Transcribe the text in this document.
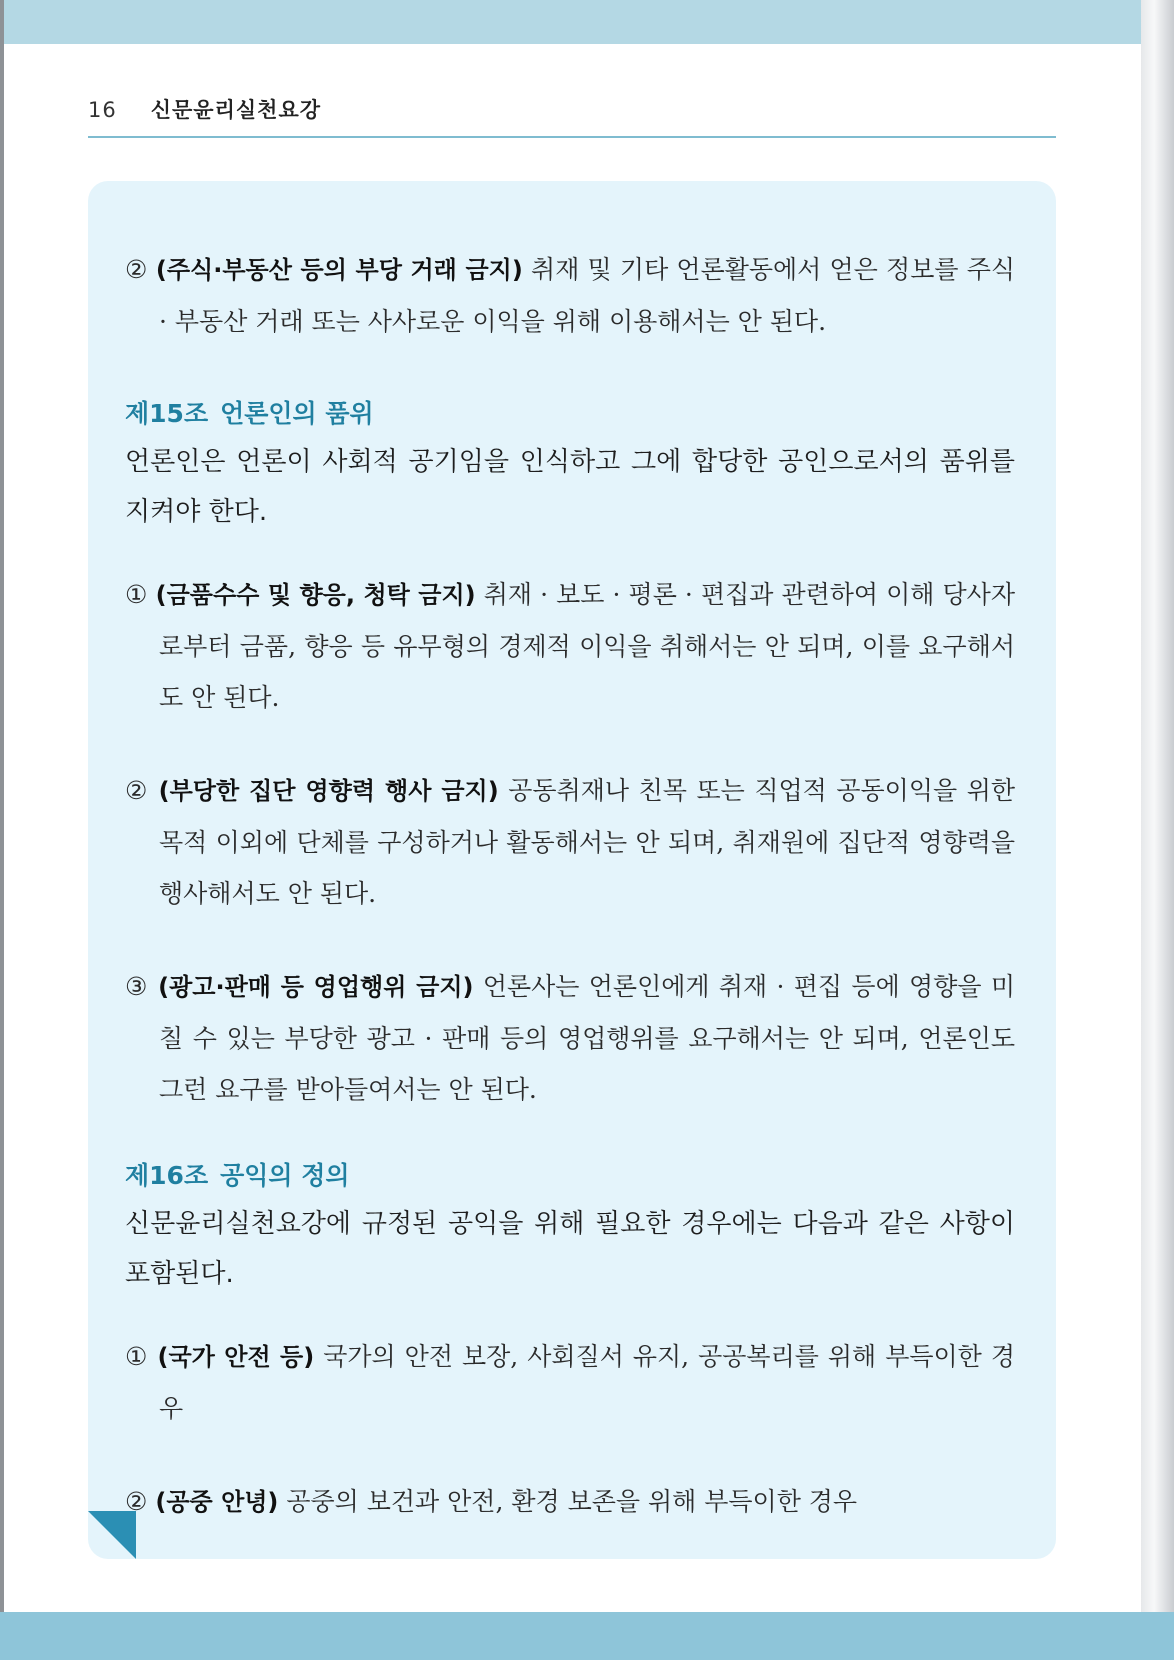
16 신문윤리실천요강

② (주식·부동산 등의 부당 거래 금지) 취재 및 기타 언론활동에서 얻은 정보를 주식 · 부동산 거래 또는 사사로운 이익을 위해 이용해서는 안 된다.

제15조 언론인의 품위

언론인은 언론이 사회적 공기임을 인식하고 그에 합당한 공인으로서의 품위를 지켜야 한다.

① (금품수수 및 향응, 청탁 금지) 취재 · 보도 · 평론 · 편집과 관련하여 이해 당사자로부터 금품, 향응 등 유무형의 경제적 이익을 취해서는 안 되며, 이를 요구해서도 안 된다.

② (부당한 집단 영향력 행사 금지) 공동취재나 친목 또는 직업적 공동이익을 위한 목적 이외에 단체를 구성하거나 활동해서는 안 되며, 취재원에 집단적 영향력을 행사해서도 안 된다.

③ (광고·판매 등 영업행위 금지) 언론사는 언론인에게 취재 · 편집 등에 영향을 미칠 수 있는 부당한 광고 · 판매 등의 영업행위를 요구해서는 안 되며, 언론인도 그런 요구를 받아들여서는 안 된다.

제16조 공익의 정의

신문윤리실천요강에 규정된 공익을 위해 필요한 경우에는 다음과 같은 사항이 포함된다.

① (국가 안전 등) 국가의 안전 보장, 사회질서 유지, 공공복리를 위해 부득이한 경우

② (공중 안녕) 공중의 보건과 안전, 환경 보존을 위해 부득이한 경우
